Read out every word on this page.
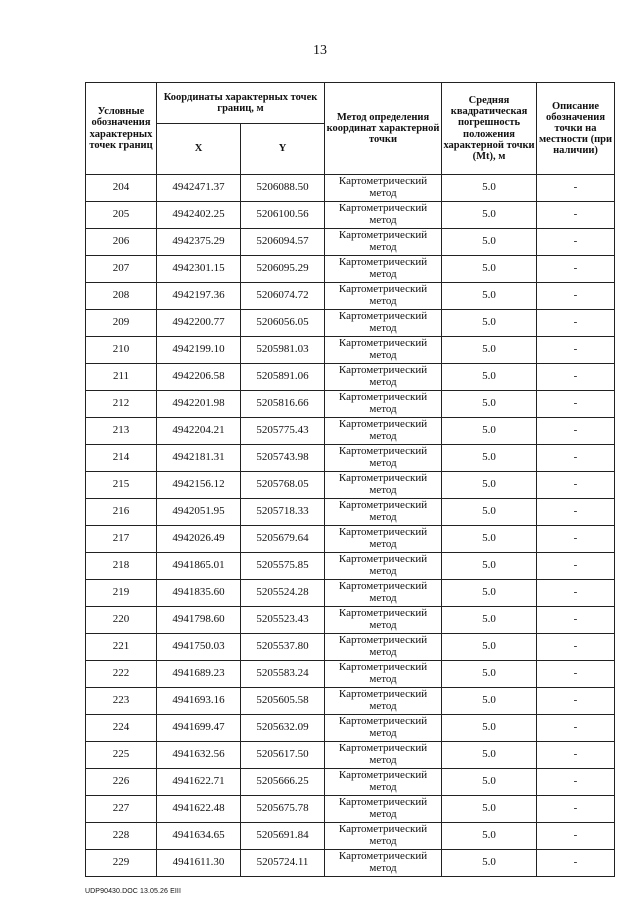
13
Условные обозначения характерных точек границ	Координаты характерных точек границ, м		Метод определения координат характерной точки	Средняя квадратическая погрешность положения характерной точки (Mt), м	Описание обозначения точки на местности (при наличии)
	X	Y			
204	4942471.37	5206088.50	Картометрический метод	5.0	-
205	4942402.25	5206100.56	Картометрический метод	5.0	-
206	4942375.29	5206094.57	Картометрический метод	5.0	-
207	4942301.15	5206095.29	Картометрический метод	5.0	-
208	4942197.36	5206074.72	Картометрический метод	5.0	-
209	4942200.77	5206056.05	Картометрический метод	5.0	-
210	4942199.10	5205981.03	Картометрический метод	5.0	-
211	4942206.58	5205891.06	Картометрический метод	5.0	-
212	4942201.98	5205816.66	Картометрический метод	5.0	-
213	4942204.21	5205775.43	Картометрический метод	5.0	-
214	4942181.31	5205743.98	Картометрический метод	5.0	-
215	4942156.12	5205768.05	Картометрический метод	5.0	-
216	4942051.95	5205718.33	Картометрический метод	5.0	-
217	4942026.49	5205679.64	Картометрический метод	5.0	-
218	4941865.01	5205575.85	Картометрический метод	5.0	-
219	4941835.60	5205524.28	Картометрический метод	5.0	-
220	4941798.60	5205523.43	Картометрический метод	5.0	-
221	4941750.03	5205537.80	Картометрический метод	5.0	-
222	4941689.23	5205583.24	Картометрический метод	5.0	-
223	4941693.16	5205605.58	Картометрический метод	5.0	-
224	4941699.47	5205632.09	Картометрический метод	5.0	-
225	4941632.56	5205617.50	Картометрический метод	5.0	-
226	4941622.71	5205666.25	Картометрический метод	5.0	-
227	4941622.48	5205675.78	Картометрический метод	5.0	-
228	4941634.65	5205691.84	Картометрический метод	5.0	-
229	4941611.30	5205724.11	Картометрический метод	5.0	-
UDP90430.DOC 13.05.26 EIII
